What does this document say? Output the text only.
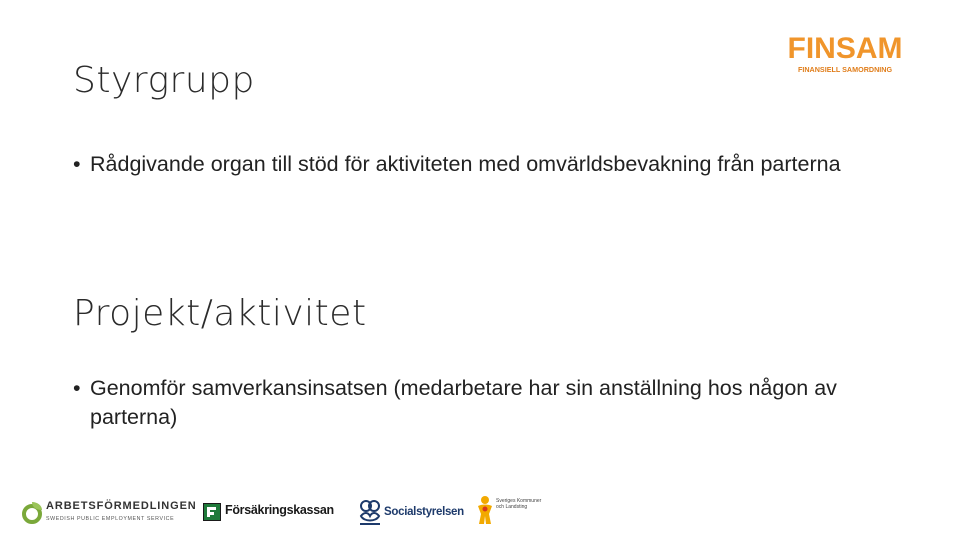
Styrgrupp
• Rådgivande organ till stöd för aktiviteten med omvärldsbevakning från parterna
Projekt/aktivitet
• Genomför samverkansinsatsen (medarbetare har sin anställning hos någon av parterna)
FINSAM
FINANSIELL SAMORDNING
ARBETSFÖRMEDLINGEN
SWEDISH PUBLIC EMPLOYMENT SERVICE
Försäkringskassan	Socialstyrelsen
Sveriges Kommuner och Landsting
